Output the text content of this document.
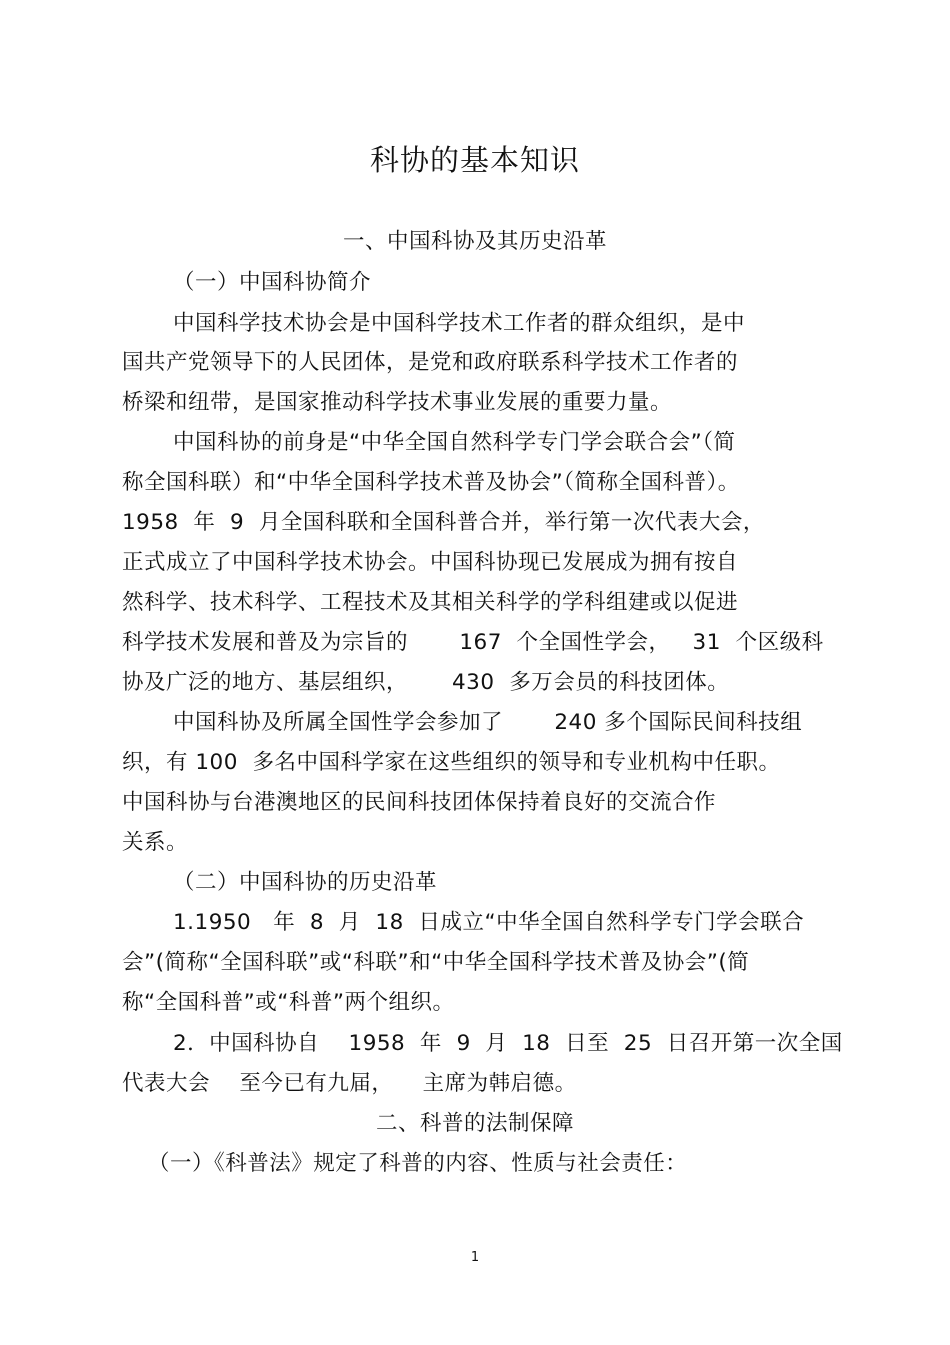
科协的基本知识
一、中国科协及其历史沿革
（一）中国科协简介
中国科学技术协会是中国科学技术工作者的群众组织，是中
国共产党领导下的人民团体，是党和政府联系科学技术工作者的
桥梁和纽带，是国家推动科学技术事业发展的重要力量。
中国科协的前身是“中华全国自然科学专门学会联合会”（简
称全国科联）和“中华全国科学技术普及协会”（简称全国科普）。
1958  年  9  月全国科联和全国科普合并，举行第一次代表大会，
正式成立了中国科学技术协会。中国科协现已发展成为拥有按自
然科学、技术科学、工程技术及其相关科学的学科组建或以促进
科学技术发展和普及为宗旨的       167  个全国性学会，   31  个区级科
协及广泛的地方、基层组织，      430  多万会员的科技团体。
中国科协及所属全国性学会参加了       240 多个国际民间科技组
织，有 100  多名中国科学家在这些组织的领导和专业机构中任职。
中国科协与台港澳地区的民间科技团体保持着良好的交流合作
关系。
（二）中国科协的历史沿革
1.1950   年  8  月  18  日成立“中华全国自然科学专门学会联合
会”(简称“全国科联”或“科联”和“中华全国科学技术普及协会”(简
称“全国科普”或“科普”两个组织。
2．中国科协自    1958  年  9  月  18  日至  25  日召开第一次全国
代表大会    至今已有九届，    主席为韩启德。
二、科普的法制保障
（一）《科普法》规定了科普的内容、性质与社会责任：
1
